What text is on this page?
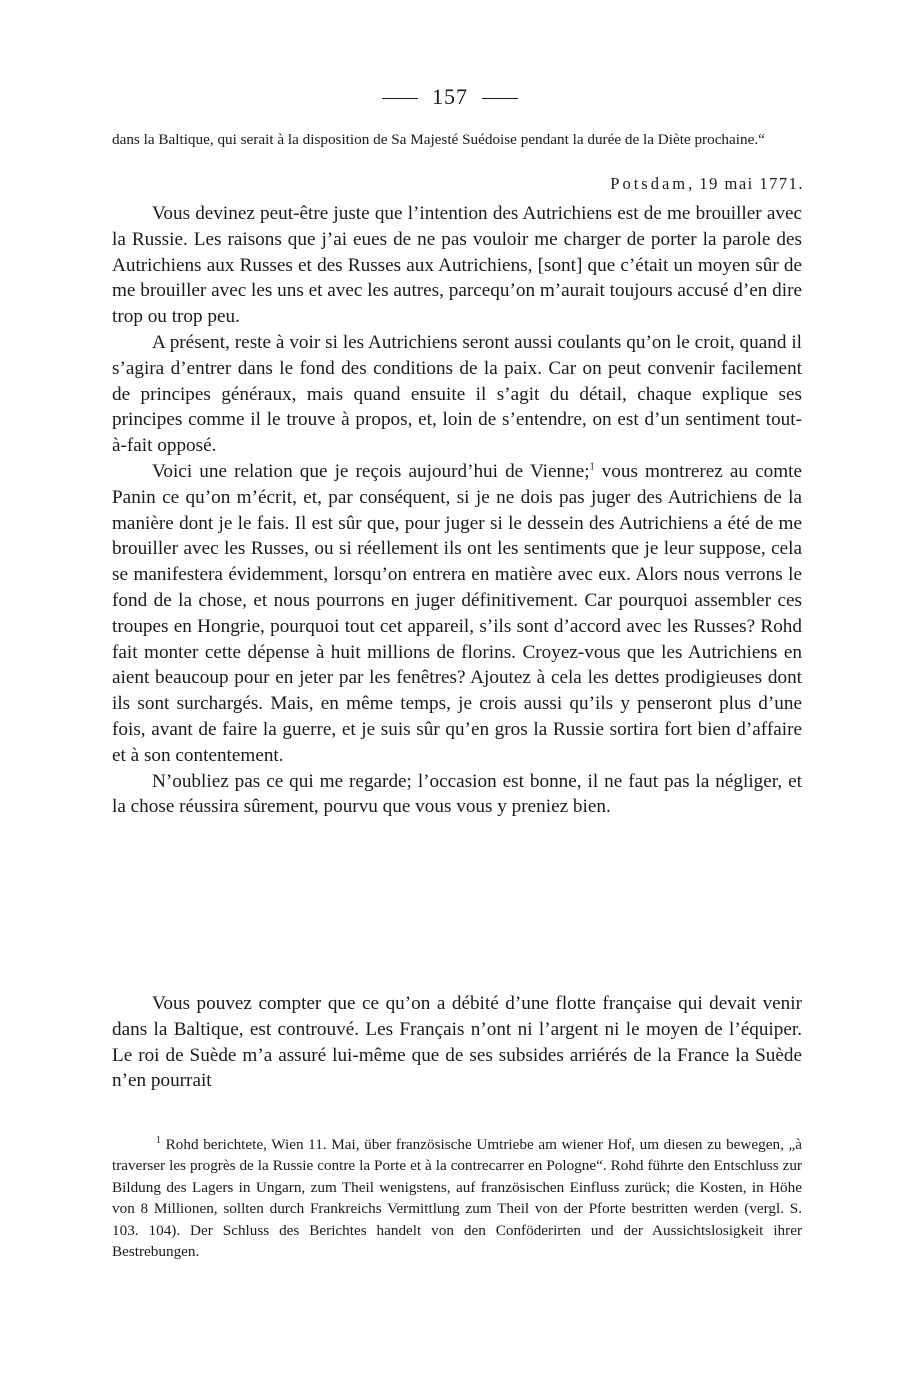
157
dans la Baltique, qui serait à la disposition de Sa Majesté Suédoise pendant la durée de la Diète prochaine.“
Potsdam, 19 mai 1771.

Vous devinez peut-être juste que l’intention des Autrichiens est de me brouiller avec la Russie. Les raisons que j’ai eues de ne pas vouloir me charger de porter la parole des Autrichiens aux Russes et des Russes aux Autrichiens, [sont] que c’était un moyen sûr de me brouiller avec les uns et avec les autres, parcequ’on m’aurait toujours accusé d’en dire trop ou trop peu.

A présent, reste à voir si les Autrichiens seront aussi coulants qu’on le croit, quand il s’agira d’entrer dans le fond des conditions de la paix. Car on peut convenir facilement de principes généraux, mais quand ensuite il s’agit du détail, chaque explique ses principes comme il le trouve à propos, et, loin de s’entendre, on est d’un sentiment tout-à-fait opposé.

Voici une relation que je reçois aujourd’hui de Vienne;$^1$ vous montrerez au comte Panin ce qu’on m’écrit, et, par conséquent, si je ne dois pas juger des Autrichiens de la manière dont je le fais. Il est sûr que, pour juger si le dessein des Autrichiens a été de me brouiller avec les Russes, ou si réellement ils ont les sentiments que je leur suppose, cela se manifestera évidemment, lorsqu’on entrera en matière avec eux. Alors nous verrons le fond de la chose, et nous pourrons en juger définitivement. Car pourquoi assembler ces troupes en Hongrie, pourquoi tout cet appareil, s’ils sont d’accord avec les Russes? Rohd fait monter cette dépense à huit millions de florins. Croyez-vous que les Autrichiens en aient beaucoup pour en jeter par les fenêtres? Ajoutez à cela les dettes prodigieuses dont ils sont surchargés. Mais, en même temps, je crois aussi qu’ils y penseront plus d’une fois, avant de faire la guerre, et je suis sûr qu’en gros la Russie sortira fort bien d’affaire et à son contentement.

N’oubliez pas ce qui me regarde; l’occasion est bonne, il ne faut pas la négliger, et la chose réussira sûrement, pourvu que vous vous y preniez bien.

Vous pouvez compter que ce qu’on a débité d’une flotte française qui devait venir dans la Baltique, est controuvé. Les Français n’ont ni l’argent ni le moyen de l’équiper. Le roi de Suède m’a assuré lui-même que de ses subsides arriérés de la France la Suède n’en pourrait

$^1$ Rohd berichtete, Wien 11. Mai, über französische Umtriebe am wiener Hof, um diesen zu bewegen, „à traverser les progrès de la Russie contre la Porte et à la contrecarrer en Pologne“. Rohd führte den Entschluss zur Bildung des Lagers in Ungarn, zum Theil wenigstens, auf französischen Einfluss zurück; die Kosten, in Höhe von 8 Millionen, sollten durch Frankreichs Vermittlung zum Theil von der Pforte bestritten werden (vergl. S. 103. 104). Der Schluss des Berichtes handelt von den Conföderirten und der Aussichtslosigkeit ihrer Bestrebungen.
